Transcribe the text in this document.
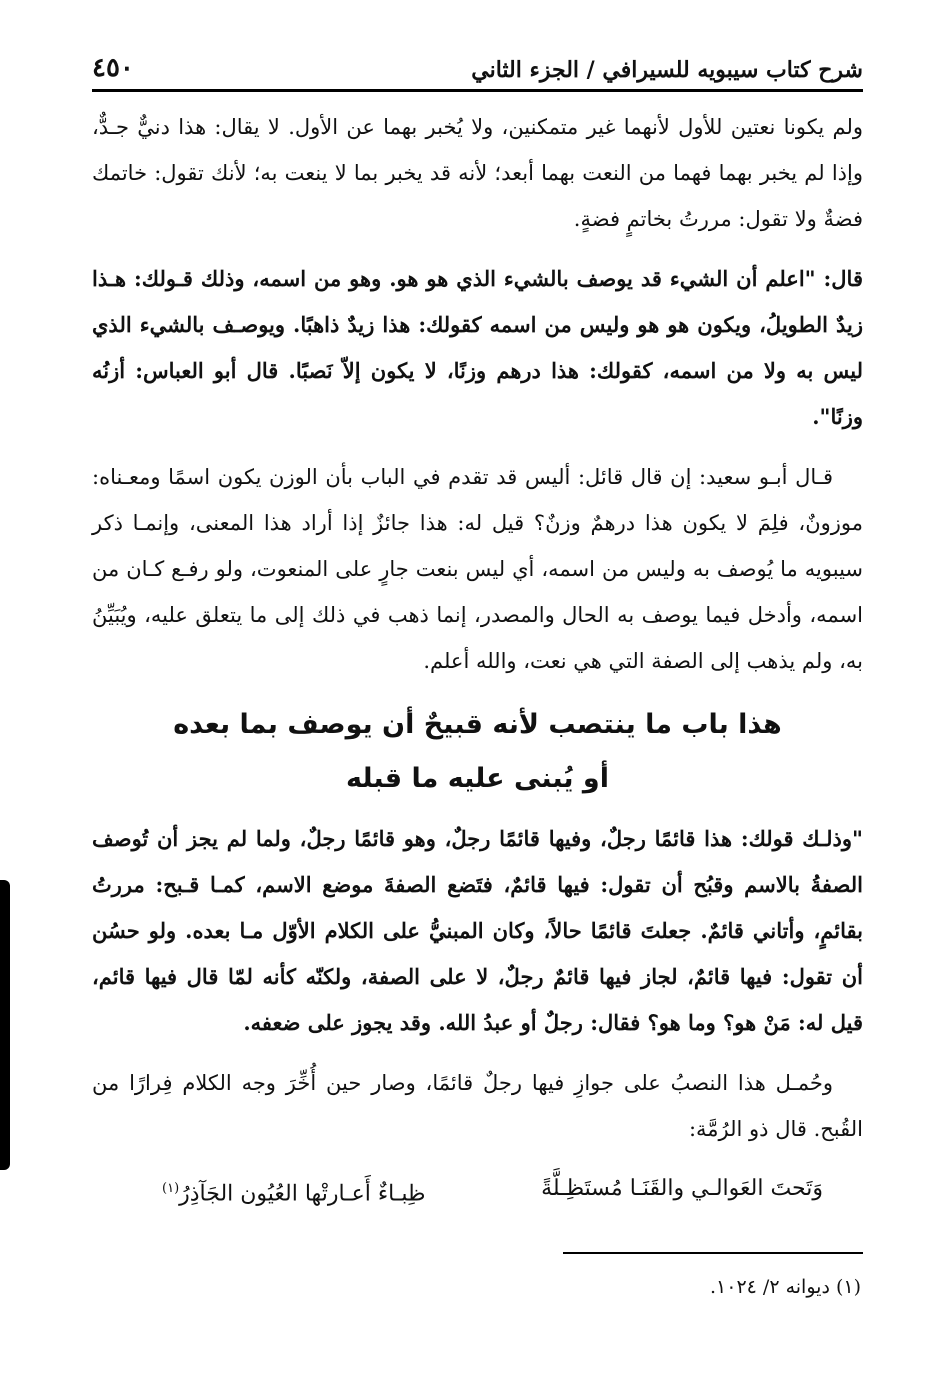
شرح كتاب سيبويه للسيرافي / الجزء الثاني
٤٥٠

ولم يكونا نعتين للأول لأنهما غير متمكنين، ولا يُخبر بهما عن الأول. لا يقال: هذا دنيٌّ جـدٌّ، وإذا لم يخبر بهما فهما من النعت بهما أبعد؛ لأنه قد يخبر بما لا ينعت به؛ لأنك تقول: خاتمك فضةٌ ولا تقول: مررتُ بخاتمٍ فضةٍ.

قال: "اعلم أن الشيء قد يوصف بالشيء الذي هو هو. وهو من اسمه، وذلك قـولك: هـذا زيدٌ الطويلُ، ويكون هو هو وليس من اسمه كقولك: هذا زيدٌ ذاهبًا. ويوصـف بالشيء الذي ليس به ولا من اسمه، كقولك: هذا درهم وزنًا، لا يكون إلاّ نَصبًا. قال أبو العباس: أزنُه وزنًا".

قـال أبـو سعيد: إن قال قائل: أليس قد تقدم في الباب بأن الوزن يكون اسمًا ومعـناه: موزونٌ، فلِمَ لا يكون هذا درهمٌ وزنٌ؟ قيل له: هذا جائزٌ إذا أراد هذا المعنى، وإنمـا ذكر سيبويه ما يُوصف به وليس من اسمه، أي ليس بنعت جارٍ على المنعوت، ولو رفـع كـان من اسمه، وأدخل فيما يوصف به الحال والمصدر، إنما ذهب في ذلك إلى ما يتعلق عليه، ويُبَيِّنُ به، ولم يذهب إلى الصفة التي هي نعت، والله أعلم.

هذا باب ما ينتصب لأنه قبيحٌ أن يوصف بما بعده
أو يُبنى عليه ما قبله

"وذلـك قولك: هذا قائمًا رجلٌ، وفيها قائمًا رجلٌ، وهو قائمًا رجلٌ، ولما لم يجز أن تُوصف الصفةُ بالاسم وقبُح أن تقول: فيها قائمٌ، فتَضع الصفةَ موضع الاسم، كمـا قـبح: مررتُ بقائمٍ، وأتاني قائمٌ. جعلتَ قائمًا حالاً، وكان المبنيُّ على الكلام الأوّل مـا بعده. ولو حسُن أن تقول: فيها قائمٌ، لجاز فيها قائمٌ رجلٌ، لا على الصفة، ولكنّه كأنه لمّا قال فيها قائم، قيل له: مَنْ هو؟ وما هو؟ فقال: رجلٌ أو عبدُ الله. وقد يجوز على ضعفه.

وحُمـل هذا النصبُ على جوازِ فيها رجلٌ قائمًا، وصار حين أُخِّرَ وجه الكلام فِرارًا من القُبح. قال ذو الرُمَّة:

وَتَحتَ العَوالـي والقَنَـا مُستَظِـلَّةً
ظِبـاءٌ أَعـارتْها العُيُون الجَآذِرُ$^{(١)}$
(١) ديوانه ٢/ ١٠٢٤.
